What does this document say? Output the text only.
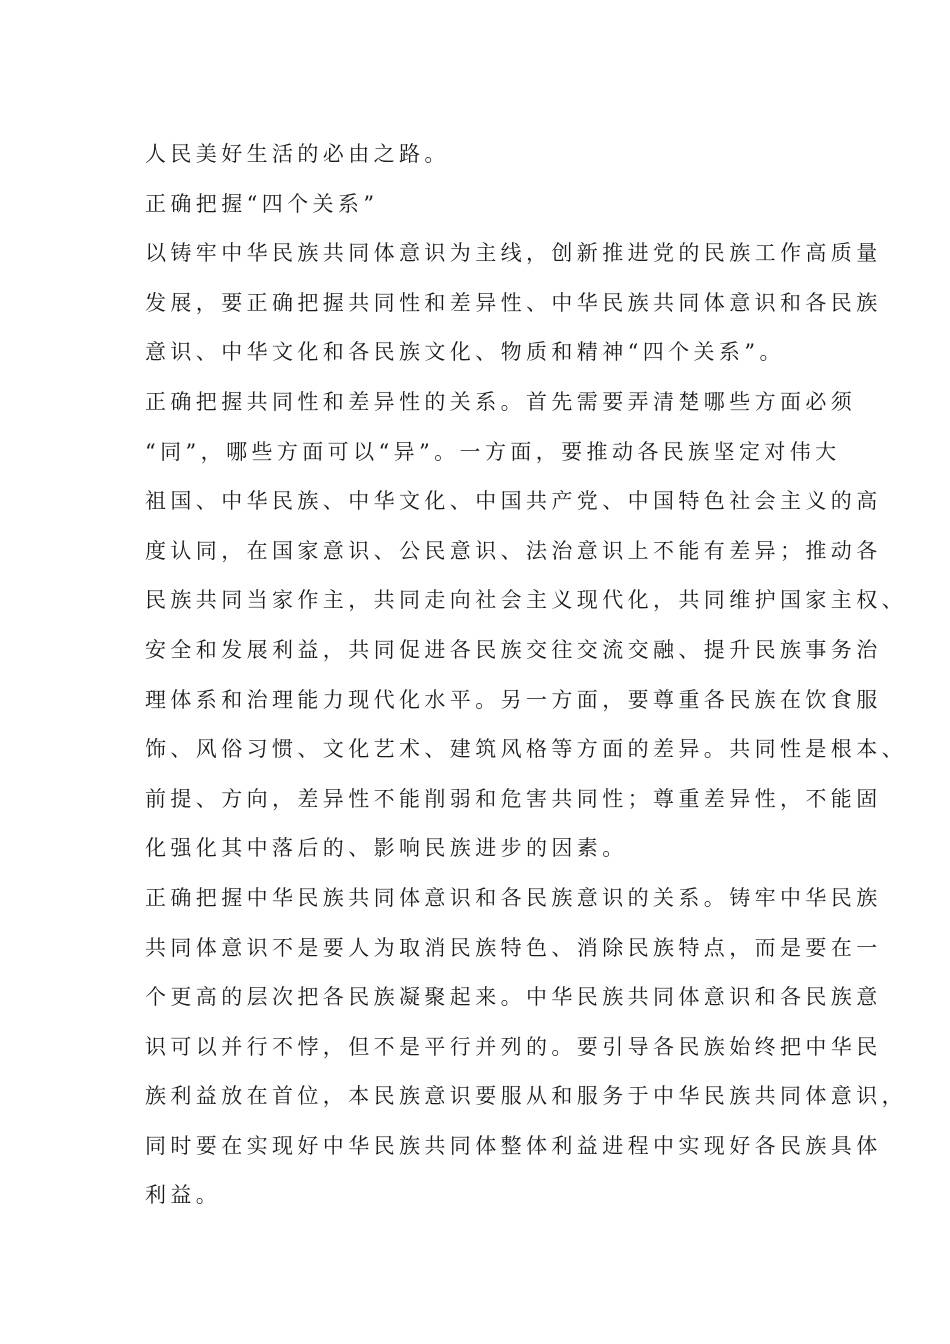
人民美好生活的必由之路。
正确把握“四个关系”
以铸牢中华民族共同体意识为主线，创新推进党的民族工作高质量
发展，要正确把握共同性和差异性、中华民族共同体意识和各民族
意识、中华文化和各民族文化、物质和精神“四个关系”。
正确把握共同性和差异性的关系。首先需要弄清楚哪些方面必须
“同”，哪些方面可以“异”。一方面，要推动各民族坚定对伟大
祖国、中华民族、中华文化、中国共产党、中国特色社会主义的高
度认同，在国家意识、公民意识、法治意识上不能有差异；推动各
民族共同当家作主，共同走向社会主义现代化，共同维护国家主权、
安全和发展利益，共同促进各民族交往交流交融、提升民族事务治
理体系和治理能力现代化水平。另一方面，要尊重各民族在饮食服
饰、风俗习惯、文化艺术、建筑风格等方面的差异。共同性是根本、
前提、方向，差异性不能削弱和危害共同性；尊重差异性，不能固
化强化其中落后的、影响民族进步的因素。
正确把握中华民族共同体意识和各民族意识的关系。铸牢中华民族
共同体意识不是要人为取消民族特色、消除民族特点，而是要在一
个更高的层次把各民族凝聚起来。中华民族共同体意识和各民族意
识可以并行不悖，但不是平行并列的。要引导各民族始终把中华民
族利益放在首位，本民族意识要服从和服务于中华民族共同体意识，
同时要在实现好中华民族共同体整体利益进程中实现好各民族具体
利益。
